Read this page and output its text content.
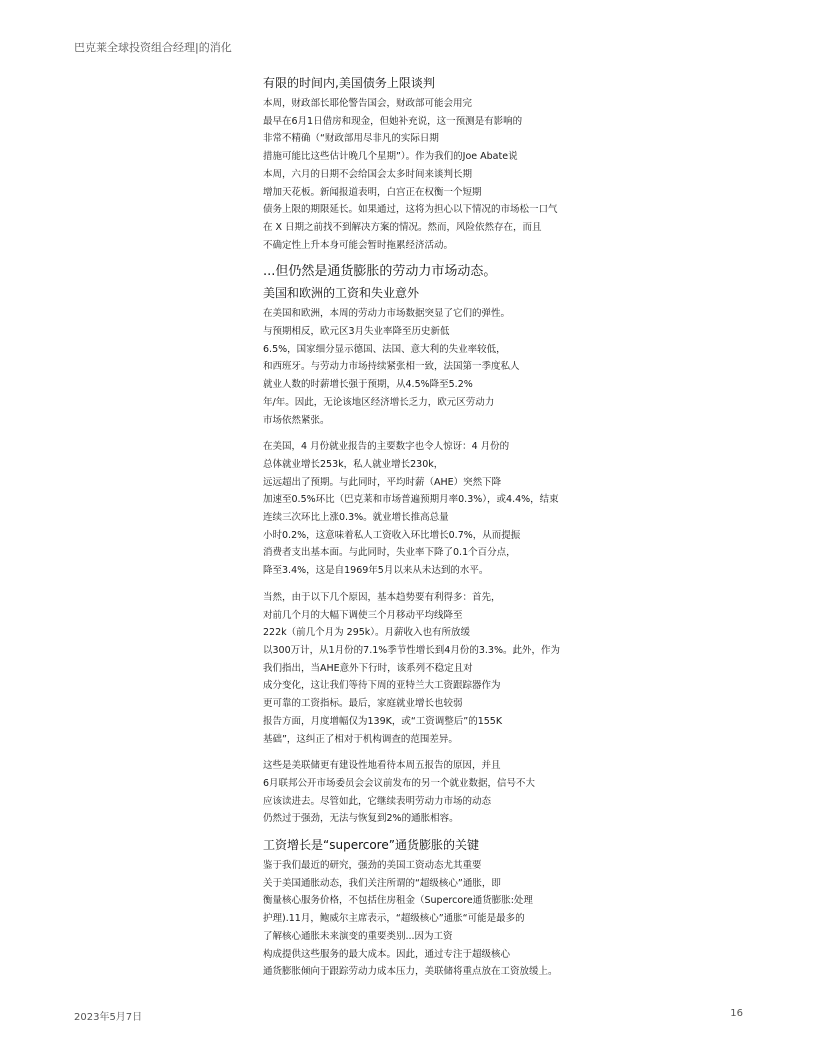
巴克莱全球投资组合经理|的消化
有限的时间内,美国债务上限谈判
本周，财政部长耶伦警告国会，财政部可能会用完
最早在6月1日借房和现金，但她补充说，这一预测是有影响的
非常不精确（“财政部用尽非凡的实际日期
措施可能比这些估计晚几个星期”）。作为我们的Joe Abate说
本周，六月的日期不会给国会太多时间来谈判长期
增加天花板。新闻报道表明，白宫正在权衡一个短期
债务上限的期限延长。如果通过，这将为担心以下情况的市场松一口气
在 X 日期之前找不到解决方案的情况。然而，风险依然存在，而且
不确定性上升本身可能会暂时拖累经济活动。
...但仍然是通货膨胀的劳动力市场动态。
美国和欧洲的工资和失业意外
在美国和欧洲，本周的劳动力市场数据突显了它们的弹性。
与预期相反，欧元区3月失业率降至历史新低
6.5%，国家细分显示德国、法国、意大利的失业率较低，
和西班牙。与劳动力市场持续紧张相一致，法国第一季度私人
就业人数的时薪增长强于预期，从4.5%降至5.2%
年/年。因此，无论该地区经济增长乏力，欧元区劳动力
市场依然紧张。
在美国，4 月份就业报告的主要数字也令人惊讶：4 月份的
总体就业增长253k，私人就业增长230k，
远远超出了预期。与此同时，平均时薪（AHE）突然下降
加速至0.5%环比（巴克莱和市场普遍预期月率0.3%），或4.4%，结束
连续三次环比上涨0.3%。就业增长推高总量
小时0.2%，这意味着私人工资收入环比增长0.7%，从而提振
消费者支出基本面。与此同时，失业率下降了0.1个百分点，
降至3.4%，这是自1969年5月以来从未达到的水平。
当然，由于以下几个原因，基本趋势要有利得多：首先，
对前几个月的大幅下调使三个月移动平均线降至
222k（前几个月为 295k）。月薪收入也有所放缓
以300万计，从1月份的7.1%季节性增长到4月份的3.3%。此外，作为
我们指出，当AHE意外下行时，该系列不稳定且对
成分变化，这让我们等待下周的亚特兰大工资跟踪器作为
更可靠的工资指标。最后，家庭就业增长也较弱
报告方面，月度增幅仅为139K，或“工资调整后”的155K
基础”，这纠正了相对于机构调查的范围差异。
这些是美联储更有建设性地看待本周五报告的原因，并且
6月联邦公开市场委员会会议前发布的另一个就业数据，信号不大
应该读进去。尽管如此，它继续表明劳动力市场的动态
仍然过于强劲，无法与恢复到2%的通胀相容。
工资增长是“supercore”通货膨胀的关键
鉴于我们最近的研究，强劲的美国工资动态尤其重要
关于美国通胀动态，我们关注所谓的“超级核心”通胀，即
衡量核心服务价格，不包括住房租金（Supercore通货膨胀:处理
护理).11月，鲍威尔主席表示，“超级核心”通胀“可能是最多的
了解核心通胀未来演变的重要类别...因为工资
构成提供这些服务的最大成本。因此，通过专注于超级核心
通货膨胀倾向于跟踪劳动力成本压力，美联储将重点放在工资放缓上。
2023年5月7日	16
